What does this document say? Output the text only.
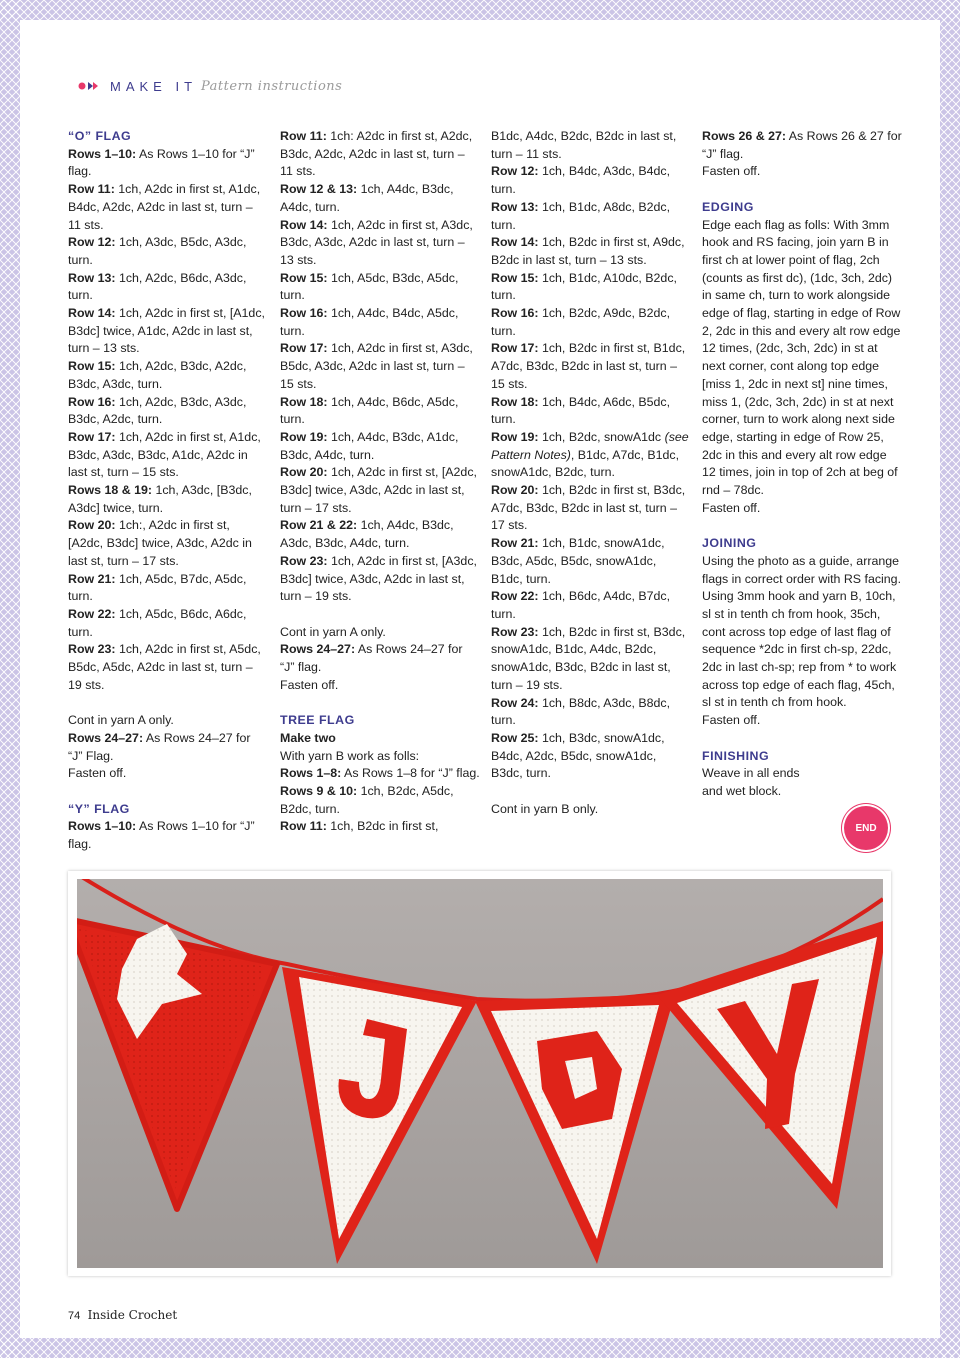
MAKE IT Pattern instructions

“O” FLAG

Rows 1–10: As Rows 1–10 for “J” flag.

Row 11: 1ch, A2dc in first st, A1dc, B4dc, A2dc, A2dc in last st, turn – 11 sts.

Row 12: 1ch, A3dc, B5dc, A3dc, turn.

Row 13: 1ch, A2dc, B6dc, A3dc, turn.

Row 14: 1ch, A2dc in first st, [A1dc, B3dc] twice, A1dc, A2dc in last st, turn – 13 sts.

Row 15: 1ch, A2dc, B3dc, A2dc, B3dc, A3dc, turn.

Row 16: 1ch, A2dc, B3dc, A3dc, B3dc, A2dc, turn.

Row 17: 1ch, A2dc in first st, A1dc, B3dc, A3dc, B3dc, A1dc, A2dc in last st, turn – 15 sts.

Rows 18 & 19: 1ch, A3dc, [B3dc, A3dc] twice, turn.

Row 20: 1ch:, A2dc in first st, [A2dc, B3dc] twice, A3dc, A2dc in last st, turn – 17 sts.

Row 21: 1ch, A5dc, B7dc, A5dc, turn.

Row 22: 1ch, A5dc, B6dc, A6dc, turn.

Row 23: 1ch, A2dc in first st, A5dc, B5dc, A5dc, A2dc in last st, turn – 19 sts.

Cont in yarn A only.

Rows 24–27: As Rows 24–27 for “J” Flag.

Fasten off.

“Y” FLAG

Rows 1–10: As Rows 1–10 for “J” flag.

Row 11: 1ch: A2dc in first st, A2dc, B3dc, A2dc, A2dc in last st, turn – 11 sts.

Row 12 & 13: 1ch, A4dc, B3dc, A4dc, turn.

Row 14: 1ch, A2dc in first st, A3dc, B3dc, A3dc, A2dc in last st, turn – 13 sts.

Row 15: 1ch, A5dc, B3dc, A5dc, turn.

Row 16: 1ch, A4dc, B4dc, A5dc, turn.

Row 17: 1ch, A2dc in first st, A3dc, B5dc, A3dc, A2dc in last st, turn – 15 sts.

Row 18: 1ch, A4dc, B6dc, A5dc, turn.

Row 19: 1ch, A4dc, B3dc, A1dc, B3dc, A4dc, turn.

Row 20: 1ch, A2dc in first st, [A2dc, B3dc] twice, A3dc, A2dc in last st, turn – 17 sts.

Row 21 & 22: 1ch, A4dc, B3dc, A3dc, B3dc, A4dc, turn.

Row 23: 1ch, A2dc in first st, [A3dc, B3dc] twice, A3dc, A2dc in last st, turn – 19 sts.

Cont in yarn A only.

Rows 24–27: As Rows 24–27 for “J” flag.

Fasten off.

TREE FLAG

Make two

With yarn B work as folls:

Rows 1–8: As Rows 1–8 for “J” flag.

Rows 9 & 10: 1ch, B2dc, A5dc, B2dc, turn.

Row 11: 1ch, B2dc in first st,

B1dc, A4dc, B2dc, B2dc in last st, turn – 11 sts.

Row 12: 1ch, B4dc, A3dc, B4dc, turn.

Row 13: 1ch, B1dc, A8dc, B2dc, turn.

Row 14: 1ch, B2dc in first st, A9dc, B2dc in last st, turn – 13 sts.

Row 15: 1ch, B1dc, A10dc, B2dc, turn.

Row 16: 1ch, B2dc, A9dc, B2dc, turn.

Row 17: 1ch, B2dc in first st, B1dc, A7dc, B3dc, B2dc in last st, turn – 15 sts.

Row 18: 1ch, B4dc, A6dc, B5dc, turn.

Row 19: 1ch, B2dc, snowA1dc (see Pattern Notes), B1dc, A7dc, B1dc, snowA1dc, B2dc, turn.

Row 20: 1ch, B2dc in first st, B3dc, A7dc, B3dc, B2dc in last st, turn – 17 sts.

Row 21: 1ch, B1dc, snowA1dc, B3dc, A5dc, B5dc, snowA1dc, B1dc, turn.

Row 22: 1ch, B6dc, A4dc, B7dc, turn.

Row 23: 1ch, B2dc in first st, B3dc, snowA1dc, B1dc, A4dc, B2dc, snowA1dc, B3dc, B2dc in last st, turn – 19 sts.

Row 24: 1ch, B8dc, A3dc, B8dc, turn.

Row 25: 1ch, B3dc, snowA1dc, B4dc, A2dc, B5dc, snowA1dc, B3dc, turn.

Cont in yarn B only.

Rows 26 & 27: As Rows 26 & 27 for “J” flag.

Fasten off.

EDGING

Edge each flag as folls: With 3mm hook and RS facing, join yarn B in first ch at lower point of flag, 2ch (counts as first dc), (1dc, 3ch, 2dc) in same ch, turn to work alongside edge of flag, starting in edge of Row 2, 2dc in this and every alt row edge 12 times, (2dc, 3ch, 2dc) in st at next corner, cont along top edge [miss 1, 2dc in next st] nine times, miss 1, (2dc, 3ch, 2dc) in st at next corner, turn to work along next side edge, starting in edge of Row 25, 2dc in this and every alt row edge 12 times, join in top of 2ch at beg of rnd – 78dc.

Fasten off.

JOINING

Using the photo as a guide, arrange flags in correct order with RS facing.

Using 3mm hook and yarn B, 10ch, sl st in tenth ch from hook, 35ch, cont across top edge of last flag of sequence *2dc in first ch-sp, 22dc, 2dc in last ch-sp; rep from * to work across top edge of each flag, 45ch, sl st in tenth ch from hook.

Fasten off.

FINISHING

Weave in all ends and wet block.

END
74 Inside Crochet
